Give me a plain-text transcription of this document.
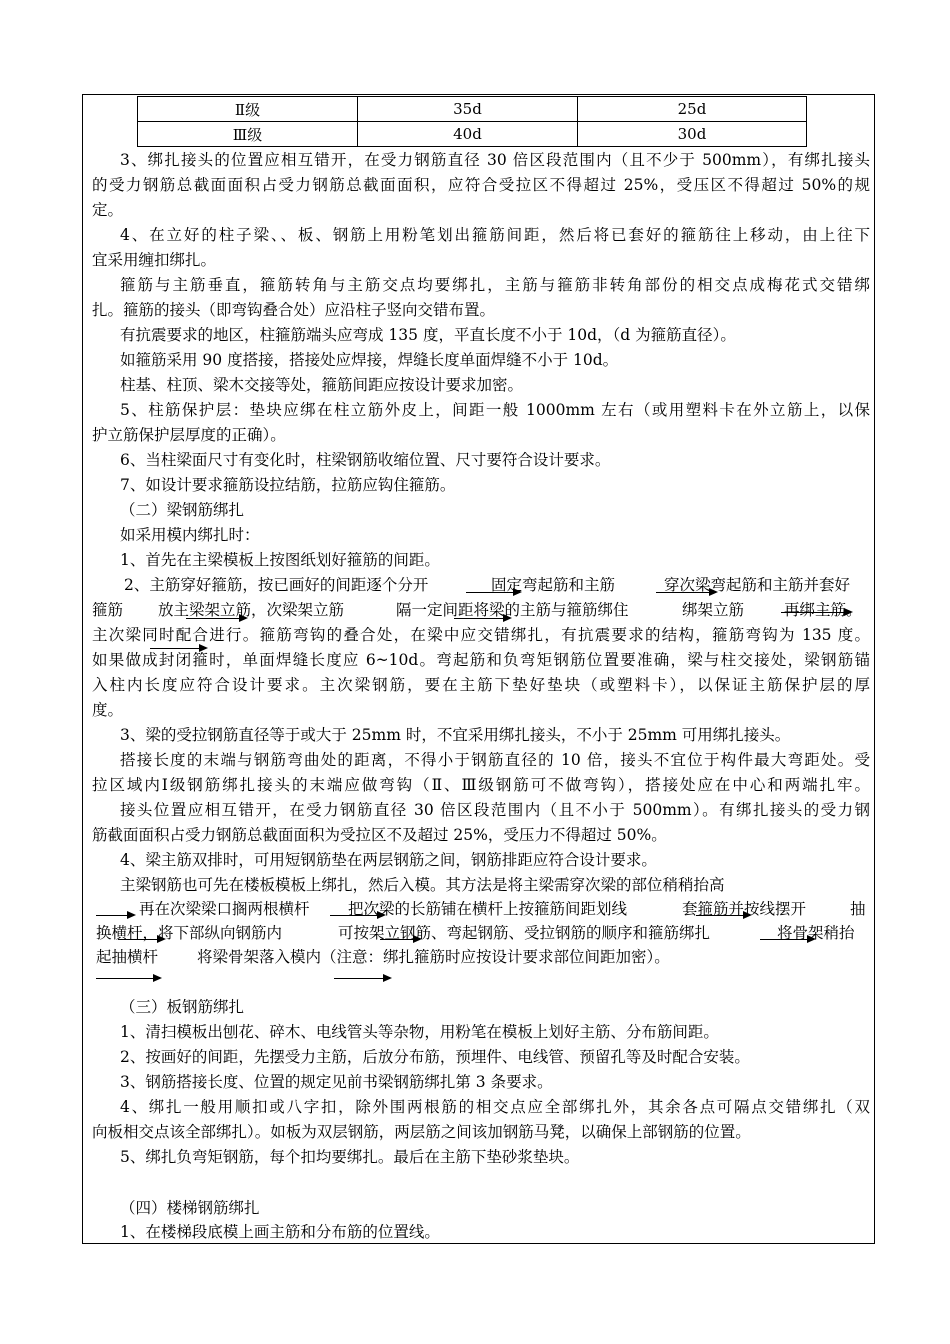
Ⅱ级	35d	25d
Ⅲ级	40d	30d
3、绑扎接头的位置应相互错开，在受力钢筋直径 30 倍区段范围内（且不少于 500mm），有绑扎接头
的受力钢筋总截面面积占受力钢筋总截面面积，应符合受拉区不得超过 25%，受压区不得超过 50%的规
定。
4、在立好的柱子梁、、板、钢筋上用粉笔划出箍筋间距，然后将已套好的箍筋往上移动，由上往下
宜采用缠扣绑扎。
箍筋与主筋垂直，箍筋转角与主筋交点均要绑扎，主筋与箍筋非转角部份的相交点成梅花式交错绑
扎。箍筋的接头（即弯钩叠合处）应沿柱子竖向交错布置。
有抗震要求的地区，柱箍筋端头应弯成 135 度，平直长度不小于 10d，（d 为箍筋直径）。
如箍筋采用 90 度搭接，搭接处应焊接，焊缝长度单面焊缝不小于 10d。
柱基、柱顶、梁木交接等处，箍筋间距应按设计要求加密。
5、柱筋保护层：垫块应绑在柱立筋外皮上，间距一般 1000mm 左右（或用塑料卡在外立筋上，以保
护立筋保护层厚度的正确）。
6、当柱梁面尺寸有变化时，柱梁钢筋收缩位置、尺寸要符合设计要求。
7、如设计要求箍筋设拉结筋，拉筋应钩住箍筋。
（二）梁钢筋绑扎
如采用模内绑扎时：
1、首先在主梁模板上按图纸划好箍筋的间距。
2、主筋穿好箍筋，按已画好的间距逐个分开	固定弯起筋和主筋	穿次梁弯起筋和主筋并套好
箍筋 放主梁架立筋，次梁架立筋	隔一定间距将梁的主筋与箍筋绑住	绑架立筋	再绑主筋。
主次梁同时配合进行。箍筋弯钩的叠合处，在梁中应交错绑扎，有抗震要求的结构，箍筋弯钩为 135 度。
如果做成封闭箍时，单面焊缝长度应 6~10d。弯起筋和负弯矩钢筋位置要准确，梁与柱交接处，梁钢筋锚
入柱内长度应符合设计要求。主次梁钢筋，要在主筋下垫好垫块（或塑料卡），以保证主筋保护层的厚
度。
3、梁的受拉钢筋直径等于或大于 25mm 时，不宜采用绑扎接头，不小于 25mm 可用绑扎接头。
搭接长度的末端与钢筋弯曲处的距离，不得小于钢筋直径的 10 倍，接头不宜位于构件最大弯距处。受
拉区域内Ⅰ级钢筋绑扎接头的末端应做弯钩（Ⅱ、Ⅲ级钢筋可不做弯钩），搭接处应在中心和两端扎牢。
接头位置应相互错开，在受力钢筋直径 30 倍区段范围内（且不小于 500mm）。有绑扎接头的受力钢
筋截面面积占受力钢筋总截面面积为受拉区不及超过 25%，受压力不得超过 50%。
4、梁主筋双排时，可用短钢筋垫在两层钢筋之间，钢筋排距应符合设计要求。
主梁钢筋也可先在楼板模板上绑扎，然后入模。其方法是将主梁需穿次梁的部位稍稍抬高
再在次梁梁口搁两根横杆 把次梁的长筋铺在横杆上按箍筋间距划线	套箍筋并按线摆开	抽
换横杆，将下部纵向钢筋内	可按架立钢筋、弯起钢筋、受拉钢筋的顺序和箍筋绑扎	将骨架稍抬
起抽横杆	将梁骨架落入模内（注意：绑扎箍筋时应按设计要求部位间距加密）。
（三）板钢筋绑扎
1、清扫模板出刨花、碎木、电线管头等杂物，用粉笔在模板上划好主筋、分布筋间距。
2、按画好的间距，先摆受力主筋，后放分布筋，预埋件、电线管、预留孔等及时配合安装。
3、钢筋搭接长度、位置的规定见前书梁钢筋绑扎第 3 条要求。
4、绑扎一般用顺扣或八字扣，除外围两根筋的相交点应全部绑扎外，其余各点可隔点交错绑扎（双
向板相交点该全部绑扎）。如板为双层钢筋，两层筋之间该加钢筋马凳，以确保上部钢筋的位置。
5、绑扎负弯矩钢筋，每个扣均要绑扎。最后在主筋下垫砂浆垫块。
（四）楼梯钢筋绑扎
1、在楼梯段底模上画主筋和分布筋的位置线。
